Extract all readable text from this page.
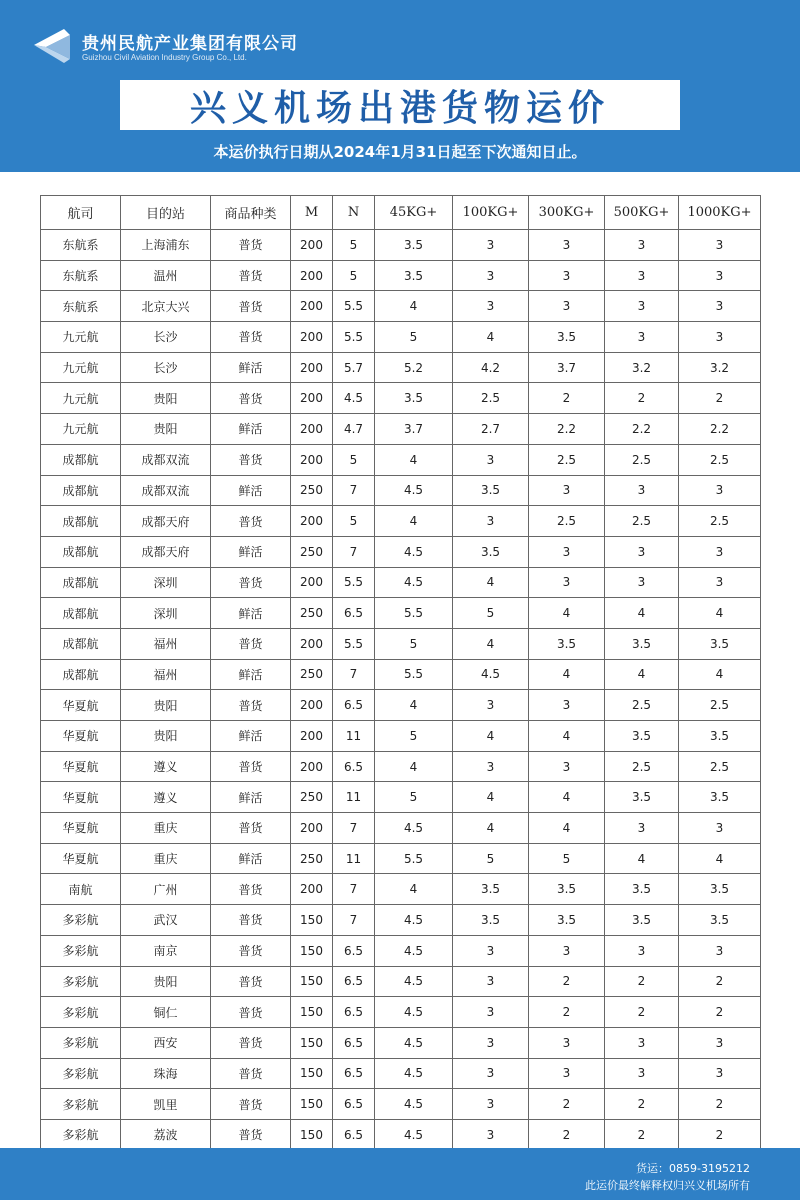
贵州民航产业集团有限公司
Guizhou Civil Aviation Industry Group Co., Ltd.
兴义机场出港货物运价
本运价执行日期从2024年1月31日起至下次通知日止。
航司	目的站	商品种类	M	N	45KG+	100KG+	300KG+	500KG+	1000KG+
东航系	上海浦东	普货	200	5	3.5	3	3	3	3
东航系	温州	普货	200	5	3.5	3	3	3	3
东航系	北京大兴	普货	200	5.5	4	3	3	3	3
九元航	长沙	普货	200	5.5	5	4	3.5	3	3
九元航	长沙	鲜活	200	5.7	5.2	4.2	3.7	3.2	3.2
九元航	贵阳	普货	200	4.5	3.5	2.5	2	2	2
九元航	贵阳	鲜活	200	4.7	3.7	2.7	2.2	2.2	2.2
成都航	成都双流	普货	200	5	4	3	2.5	2.5	2.5
成都航	成都双流	鲜活	250	7	4.5	3.5	3	3	3
成都航	成都天府	普货	200	5	4	3	2.5	2.5	2.5
成都航	成都天府	鲜活	250	7	4.5	3.5	3	3	3
成都航	深圳	普货	200	5.5	4.5	4	3	3	3
成都航	深圳	鲜活	250	6.5	5.5	5	4	4	4
成都航	福州	普货	200	5.5	5	4	3.5	3.5	3.5
成都航	福州	鲜活	250	7	5.5	4.5	4	4	4
华夏航	贵阳	普货	200	6.5	4	3	3	2.5	2.5
华夏航	贵阳	鲜活	200	11	5	4	4	3.5	3.5
华夏航	遵义	普货	200	6.5	4	3	3	2.5	2.5
华夏航	遵义	鲜活	250	11	5	4	4	3.5	3.5
华夏航	重庆	普货	200	7	4.5	4	4	3	3
华夏航	重庆	鲜活	250	11	5.5	5	5	4	4
南航	广州	普货	200	7	4	3.5	3.5	3.5	3.5
多彩航	武汉	普货	150	7	4.5	3.5	3.5	3.5	3.5
多彩航	南京	普货	150	6.5	4.5	3	3	3	3
多彩航	贵阳	普货	150	6.5	4.5	3	2	2	2
多彩航	铜仁	普货	150	6.5	4.5	3	2	2	2
多彩航	西安	普货	150	6.5	4.5	3	3	3	3
多彩航	珠海	普货	150	6.5	4.5	3	3	3	3
多彩航	凯里	普货	150	6.5	4.5	3	2	2	2
多彩航	荔波	普货	150	6.5	4.5	3	2	2	2
货运：0859-3195212
此运价最终解释权归兴义机场所有
